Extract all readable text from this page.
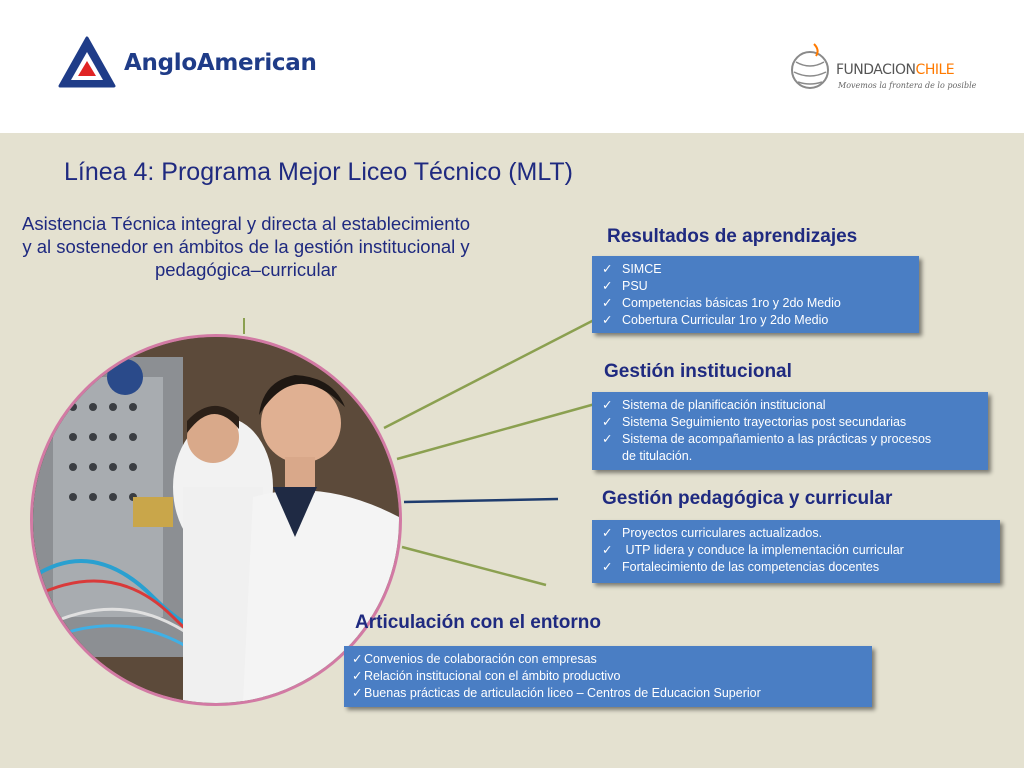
AngloAmerican	FUNDACIONCHILE
Movemos la frontera de lo posible
Línea 4: Programa Mejor Liceo Técnico (MLT)
Asistencia Técnica integral y directa al establecimiento y al sostenedor en ámbitos de la gestión institucional y pedagógica–curricular
Resultados de aprendizajes
✓ SIMCE
✓ PSU
✓ Competencias básicas 1ro y 2do Medio
✓ Cobertura Curricular 1ro y 2do Medio
Gestión institucional
✓ Sistema de planificación institucional
✓ Sistema Seguimiento trayectorias post secundarias
✓ Sistema de acompañamiento a las prácticas y procesos de titulación.
Gestión pedagógica y curricular
✓ Proyectos curriculares actualizados.
✓  UTP lidera y conduce la implementación curricular
✓ Fortalecimiento de las competencias docentes
Articulación con el entorno
✓ Convenios de colaboración con empresas
✓ Relación institucional con el ámbito productivo
✓ Buenas prácticas de articulación liceo – Centros de Educacion Superior
